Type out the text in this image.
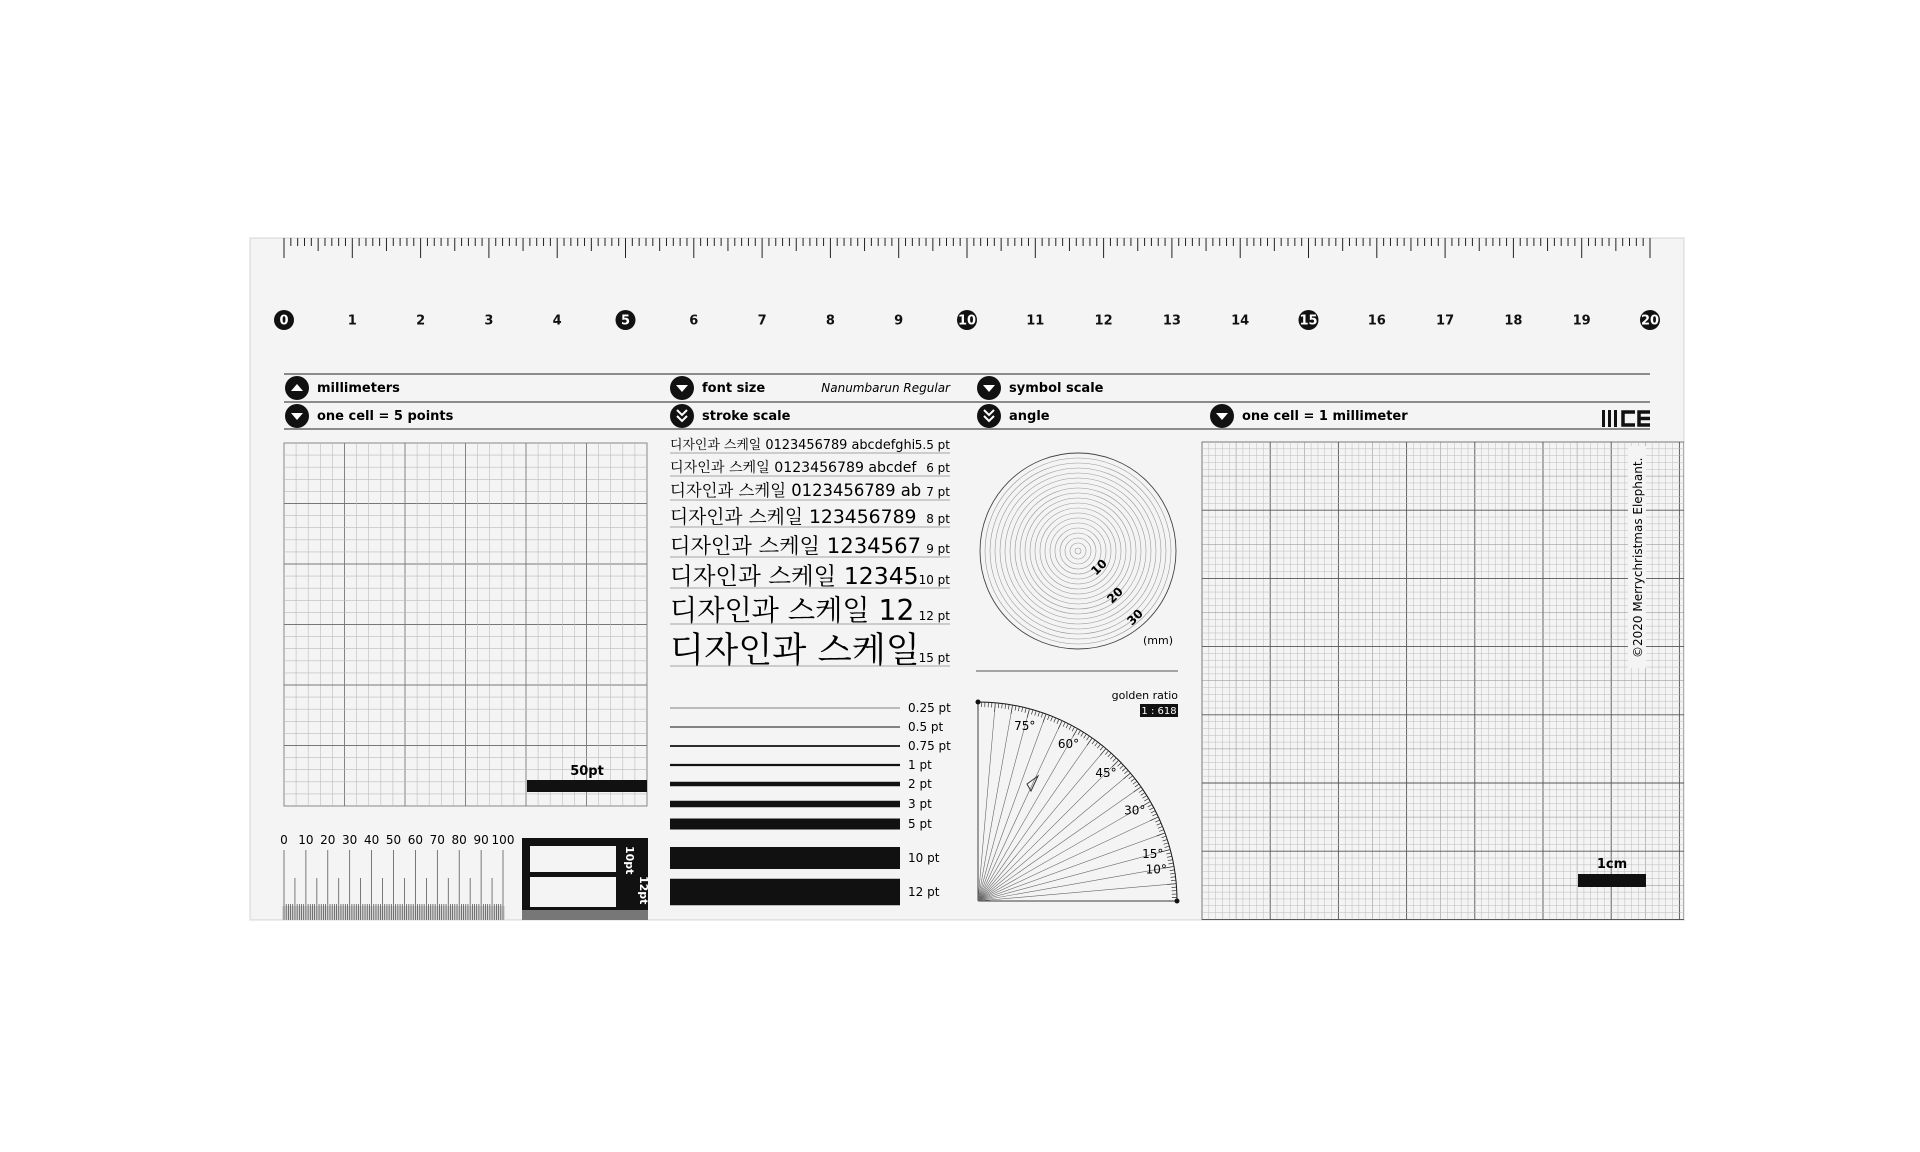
0	1	2	3	4	5	6	7	8	9	10	11	12	13	14	15	16	17	18	19	20
millimeters
one cell = 5 points
font size	Nanumbarun Regular
stroke scale
symbol scale
angle	one cell = 1 millimeter
50pt
0 10 20 30 40 50 60 70 80 90 100
10pt
12pt
디자인과 스케일 0123456789 abcdefghi 5.5 pt
디자인과 스케일 0123456789 abcdef 6 pt
디자인과 스케일 0123456789 ab 7 pt
디자인과 스케일 123456789 8 pt
디자인과 스케일 1234567 9 pt
디자인과 스케일 12345 10 pt
디자인과 스케일 12 12 pt
디자인과 스케일
15 pt
0.25 pt
0.5 pt
0.75 pt
1 pt
2 pt
3 pt
5 pt
10 pt
12 pt
10
20
30
(mm)
75°
60°
45°
30°
15°
10°
golden ratio
1 : 618
1cm
©2020 Merrychristmas Elephant.
